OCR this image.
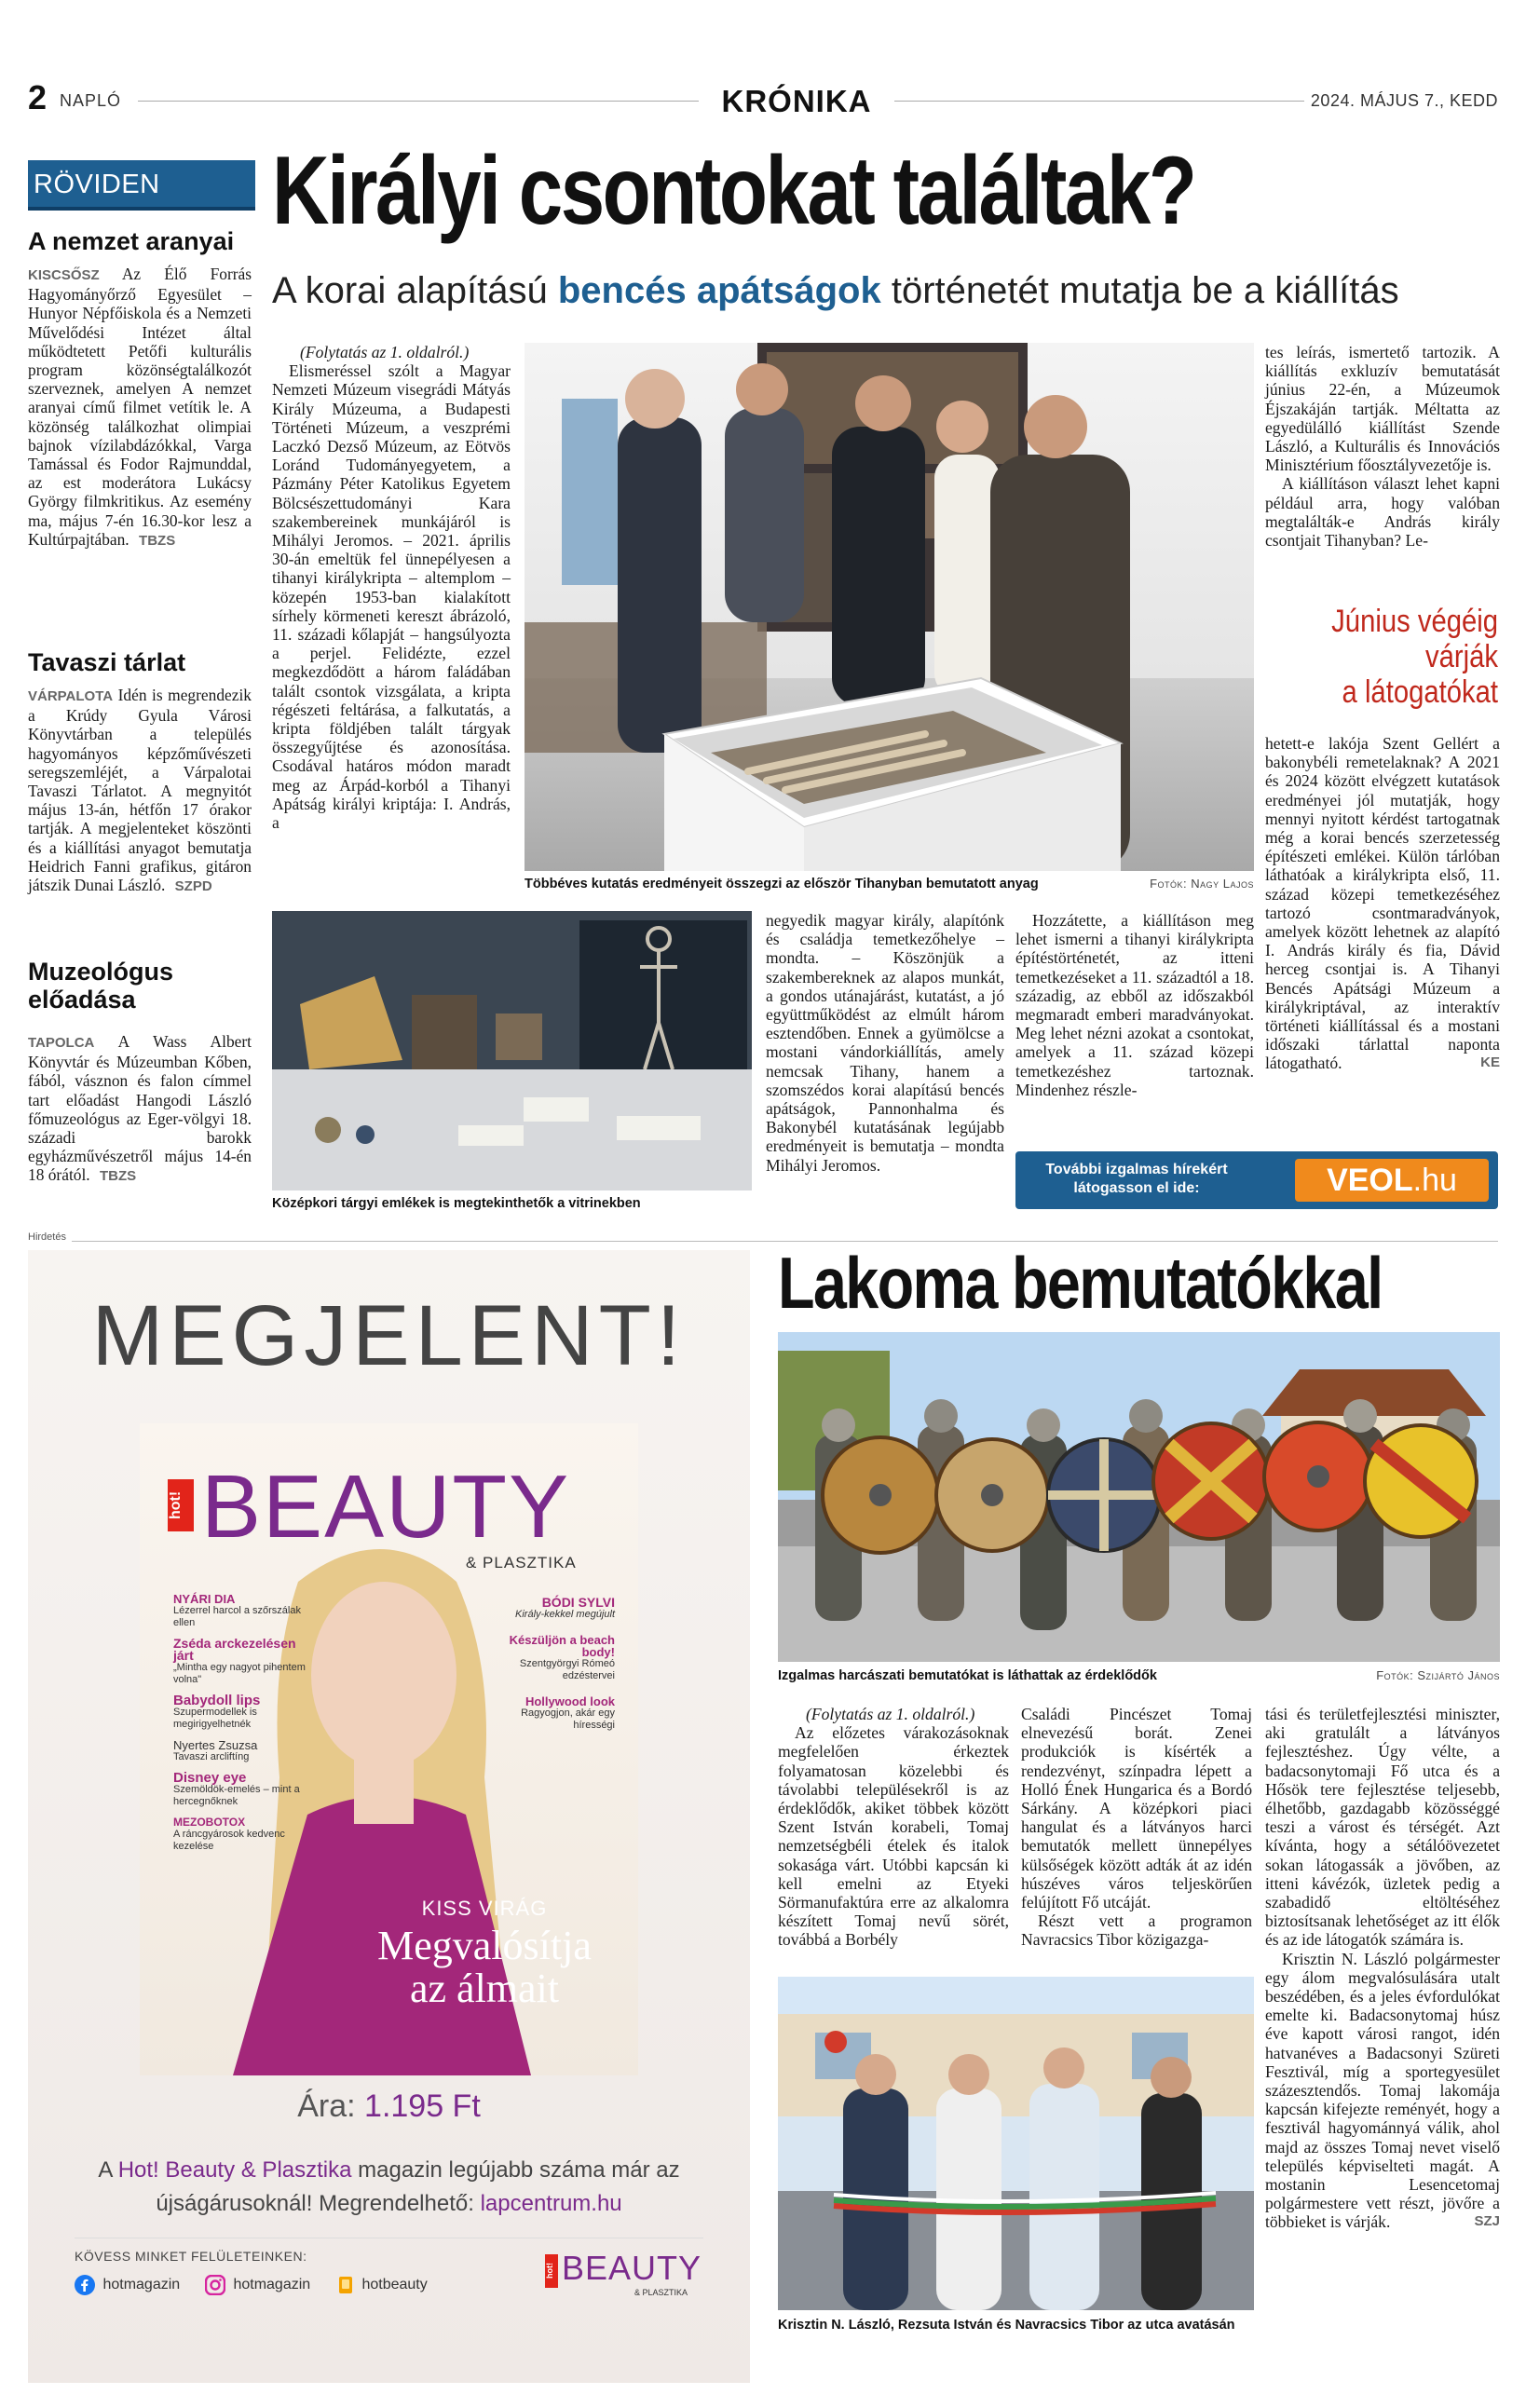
2 NAPLÓ	KRÓNIKA	2024. MÁJUS 7., KEDD
RÖVIDEN
A nemzet aranyai

KISCSŐSZ Az Élő Forrás Hagyományőrző Egyesület – Hunyor Népfőiskola és a Nemzeti Művelődési Intézet által működtetett Petőfi kulturális program közönségtalálkozót szerveznek, amelyen A nemzet aranyai című filmet vetítik le. A közönség találkozhat olimpiai bajnok vízilabdázókkal, Varga Tamással és Fodor Rajmunddal, az est moderátora Lukácsy György filmkritikus. Az esemény ma, május 7-én 16.30-kor lesz a Kultúrpajtában. TBZS

Tavaszi tárlat

VÁRPALOTA Idén is megrendezik a Krúdy Gyula Városi Könyvtárban a település hagyományos képzőművészeti seregszemléjét, a Várpalotai Tavaszi Tárlatot. A megnyitót május 13-án, hétfőn 17 órakor tartják. A megjelenteket köszönti és a kiállítási anyagot bemutatja Heidrich Fanni grafikus, gitáron játszik Dunai László. SZPD

Muzeológus előadása

TAPOLCA A Wass Albert Könyvtár és Múzeumban Kőben, fából, vásznon és falon címmel tart előadást Hangodi László főmuzeológus az Eger-völgyi 18. századi barokk egyházművészetről május 14-én 18 órától. TBZS

Királyi csontokat találtak?
A korai alapítású bencés apátságok történetét mutatja be a kiállítás

(Folytatás az 1. oldalról.)

Elismeréssel szólt a Magyar Nemzeti Múzeum visegrádi Mátyás Király Múzeuma, a Budapesti Történeti Múzeum, a veszprémi Laczkó Dezső Múzeum, az Eötvös Loránd Tudományegyetem, a Pázmány Péter Katolikus Egyetem Bölcsészettudományi Kara szakembereinek munkájáról is Mihályi Jeromos. – 2021. április 30-án emeltük fel ünnepélyesen a tihanyi királykripta – altemplom – közepén 1953-ban kialakított sírhely körmeneti kereszt ábrázoló, 11. századi kőlapját – hangsúlyozta a perjel. Felidézte, ezzel megkezdődött a három faládában talált csontok vizsgálata, a kripta régészeti feltárása, a falkutatás, a kripta földjében talált tárgyak összegyűjtése és azonosítása. Csodával határos módon maradt meg az Árpád-korból a Tihanyi Apátság királyi kriptája: I. András, a

Többéves kutatás eredményeit összegzi az először Tihanyban bemutatott anyag	Fotók: Nagy Lajos

tes leírás, ismertető tartozik. A kiállítás exkluzív bemutatását június 22-én, a Múzeumok Éjszakáján tartják. Méltatta az egyedülálló kiállítást Szende László, a Kulturális és Innovációs Minisztérium főosztályvezetője is.

A kiállításon választ lehet kapni például arra, hogy valóban megtalálták-e András király csontjait Tihanyban? Le-

Június végéig
várják
a látogatókat

hetett-e lakója Szent Gellért a bakonybéli remetelaknak? A 2021 és 2024 között elvégzett kutatások eredményei jól mutatják, hogy mennyi nyitott kérdést tartogatnak még a korai bencés szerzetesség építészeti emlékei. Külön tárlóban láthatóak a királykripta első, 11. század közepi temetkezéséhez tartozó csontmaradványok, amelyek között lehetnek az alapító I. András király és fia, Dávid herceg csontjai is. A Tihanyi Bencés Apátsági Múzeum a királykriptával, az interaktív történeti kiállítással és a mostani időszaki tárlattal naponta látogatható.	KE

Középkori tárgyi emlékek is megtekinthetők a vitrinekben

negyedik magyar király, alapítónk és családja temetkezőhelye – mondta. – Köszönjük a szakembereknek az alapos munkát, a gondos utánajárást, kutatást, a jó együttműködést az elmúlt három esztendőben. Ennek a gyümölcse a mostani vándorkiállítás, amely nemcsak Tihany, hanem a szomszédos korai alapítású bencés apátságok, Pannonhalma és Bakonybél kutatásának legújabb eredményeit is bemutatja – mondta Mihályi Jeromos.

Hozzátette, a kiállításon meg lehet ismerni a tihanyi királykripta építéstörténetét, az itteni temetkezéseket a 11. századtól a 18. századig, az ebből az időszakból megmaradt emberi maradványokat. Meg lehet nézni azokat a csontokat, amelyek a 11. század közepi temetkezéshez tartoznak. Mindenhez részle-

További izgalmas hírekért
látogasson el ide:	VEOL.hu
Hirdetés
MEGJELENT!
hot! BEAUTY
& PLASZTIKA
NYÁRI DIA
Lézerrel harcol a szőrszálak ellen
Zséda arckezelésen járt
„Mintha egy nagyot pihentem volna"
Babydoll lips
Szupermodellek is megirigyelhetnék
Nyertes Zsuzsa
Tavaszi arcliftíng
Disney eye
Szemöldök-emelés – mint a hercegnőknek
MEZOBOTOX
A ráncgyárosok kedvenc kezelése
BÓDI SYLVI
Király-kekkel megújult
Készüljön a beach body!
Szentgyörgyi Rómeó edzéstervei
Hollywood look
Ragyogjon, akár egy hírességi
KISS VIRÁG
Megvalósítja
az álmait
Ára: 1.195 Ft
A Hot! Beauty & Plasztika magazin legújabb száma már az újságárusoknál! Megrendelhető: lapcentrum.hu
KÖVESS MINKET FELÜLETEINKEN:
hotmagazin	hotmagazin	hotbeauty
hot! BEAUTY
& PLASZTIKA
Lakoma bemutatókkal
Izgalmas harcászati bemutatókat is láthattak az érdeklődők	Fotók: Szijártó János

(Folytatás az 1. oldalról.)

Az előzetes várakozásoknak megfelelően érkeztek folyamatosan közelebbi és távolabbi településekről is az érdeklődők, akiket többek között Szent István korabeli, Tomaj nemzetségbéli ételek és italok sokasága várt. Utóbbi kapcsán ki kell emelni az Etyeki Sörmanufaktúra erre az alkalomra készített Tomaj nevű sörét, továbbá a Borbély

Családi Pincészet Tomaj elnevezésű borát. Zenei produkciók is kísérték a rendezvényt, színpadra lépett a Holló Ének Hungarica és a Bordó Sárkány. A középkori piaci hangulat és a látványos harci bemutatók mellett ünnepélyes külsőségek között adták át az idén húszéves város teljeskörűen felújított Fő utcáját.

Részt vett a programon Navracsics Tibor közigazga-

tási és területfejlesztési miniszter, aki gratulált a látványos fejlesztéshez. Úgy vélte, a badacsonytomaji Fő utca és a Hősök tere fejlesztése teljesebb, élhetőbb, gazdagabb közösséggé teszi a várost és térségét. Azt kívánta, hogy a sétálóövezetet sokan látogassák a jövőben, az itteni kávézók, üzletek pedig a szabadidő eltöltéséhez biztosítsanak lehetőséget az itt élők és az ide látogatók számára is.

Krisztin N. László polgármester egy álom megvalósulására utalt beszédében, és a jeles évfordulókat emelte ki. Badacsonytomaj húsz éve kapott városi rangot, idén hatvanéves a Badacsonyi Szüreti Fesztivál, míg a sportegyesület százesztendős. Tomaj lakomája kapcsán kifejezte reményét, hogy a fesztivál hagyománnyá válik, ahol majd az összes Tomaj nevet viselő település képviselteti magát. A mostanin Lesencetomaj polgármestere vett részt, jövőre a többieket is várják.	SZJ

Krisztin N. László, Rezsuta István és Navracsics Tibor az utca avatásán
